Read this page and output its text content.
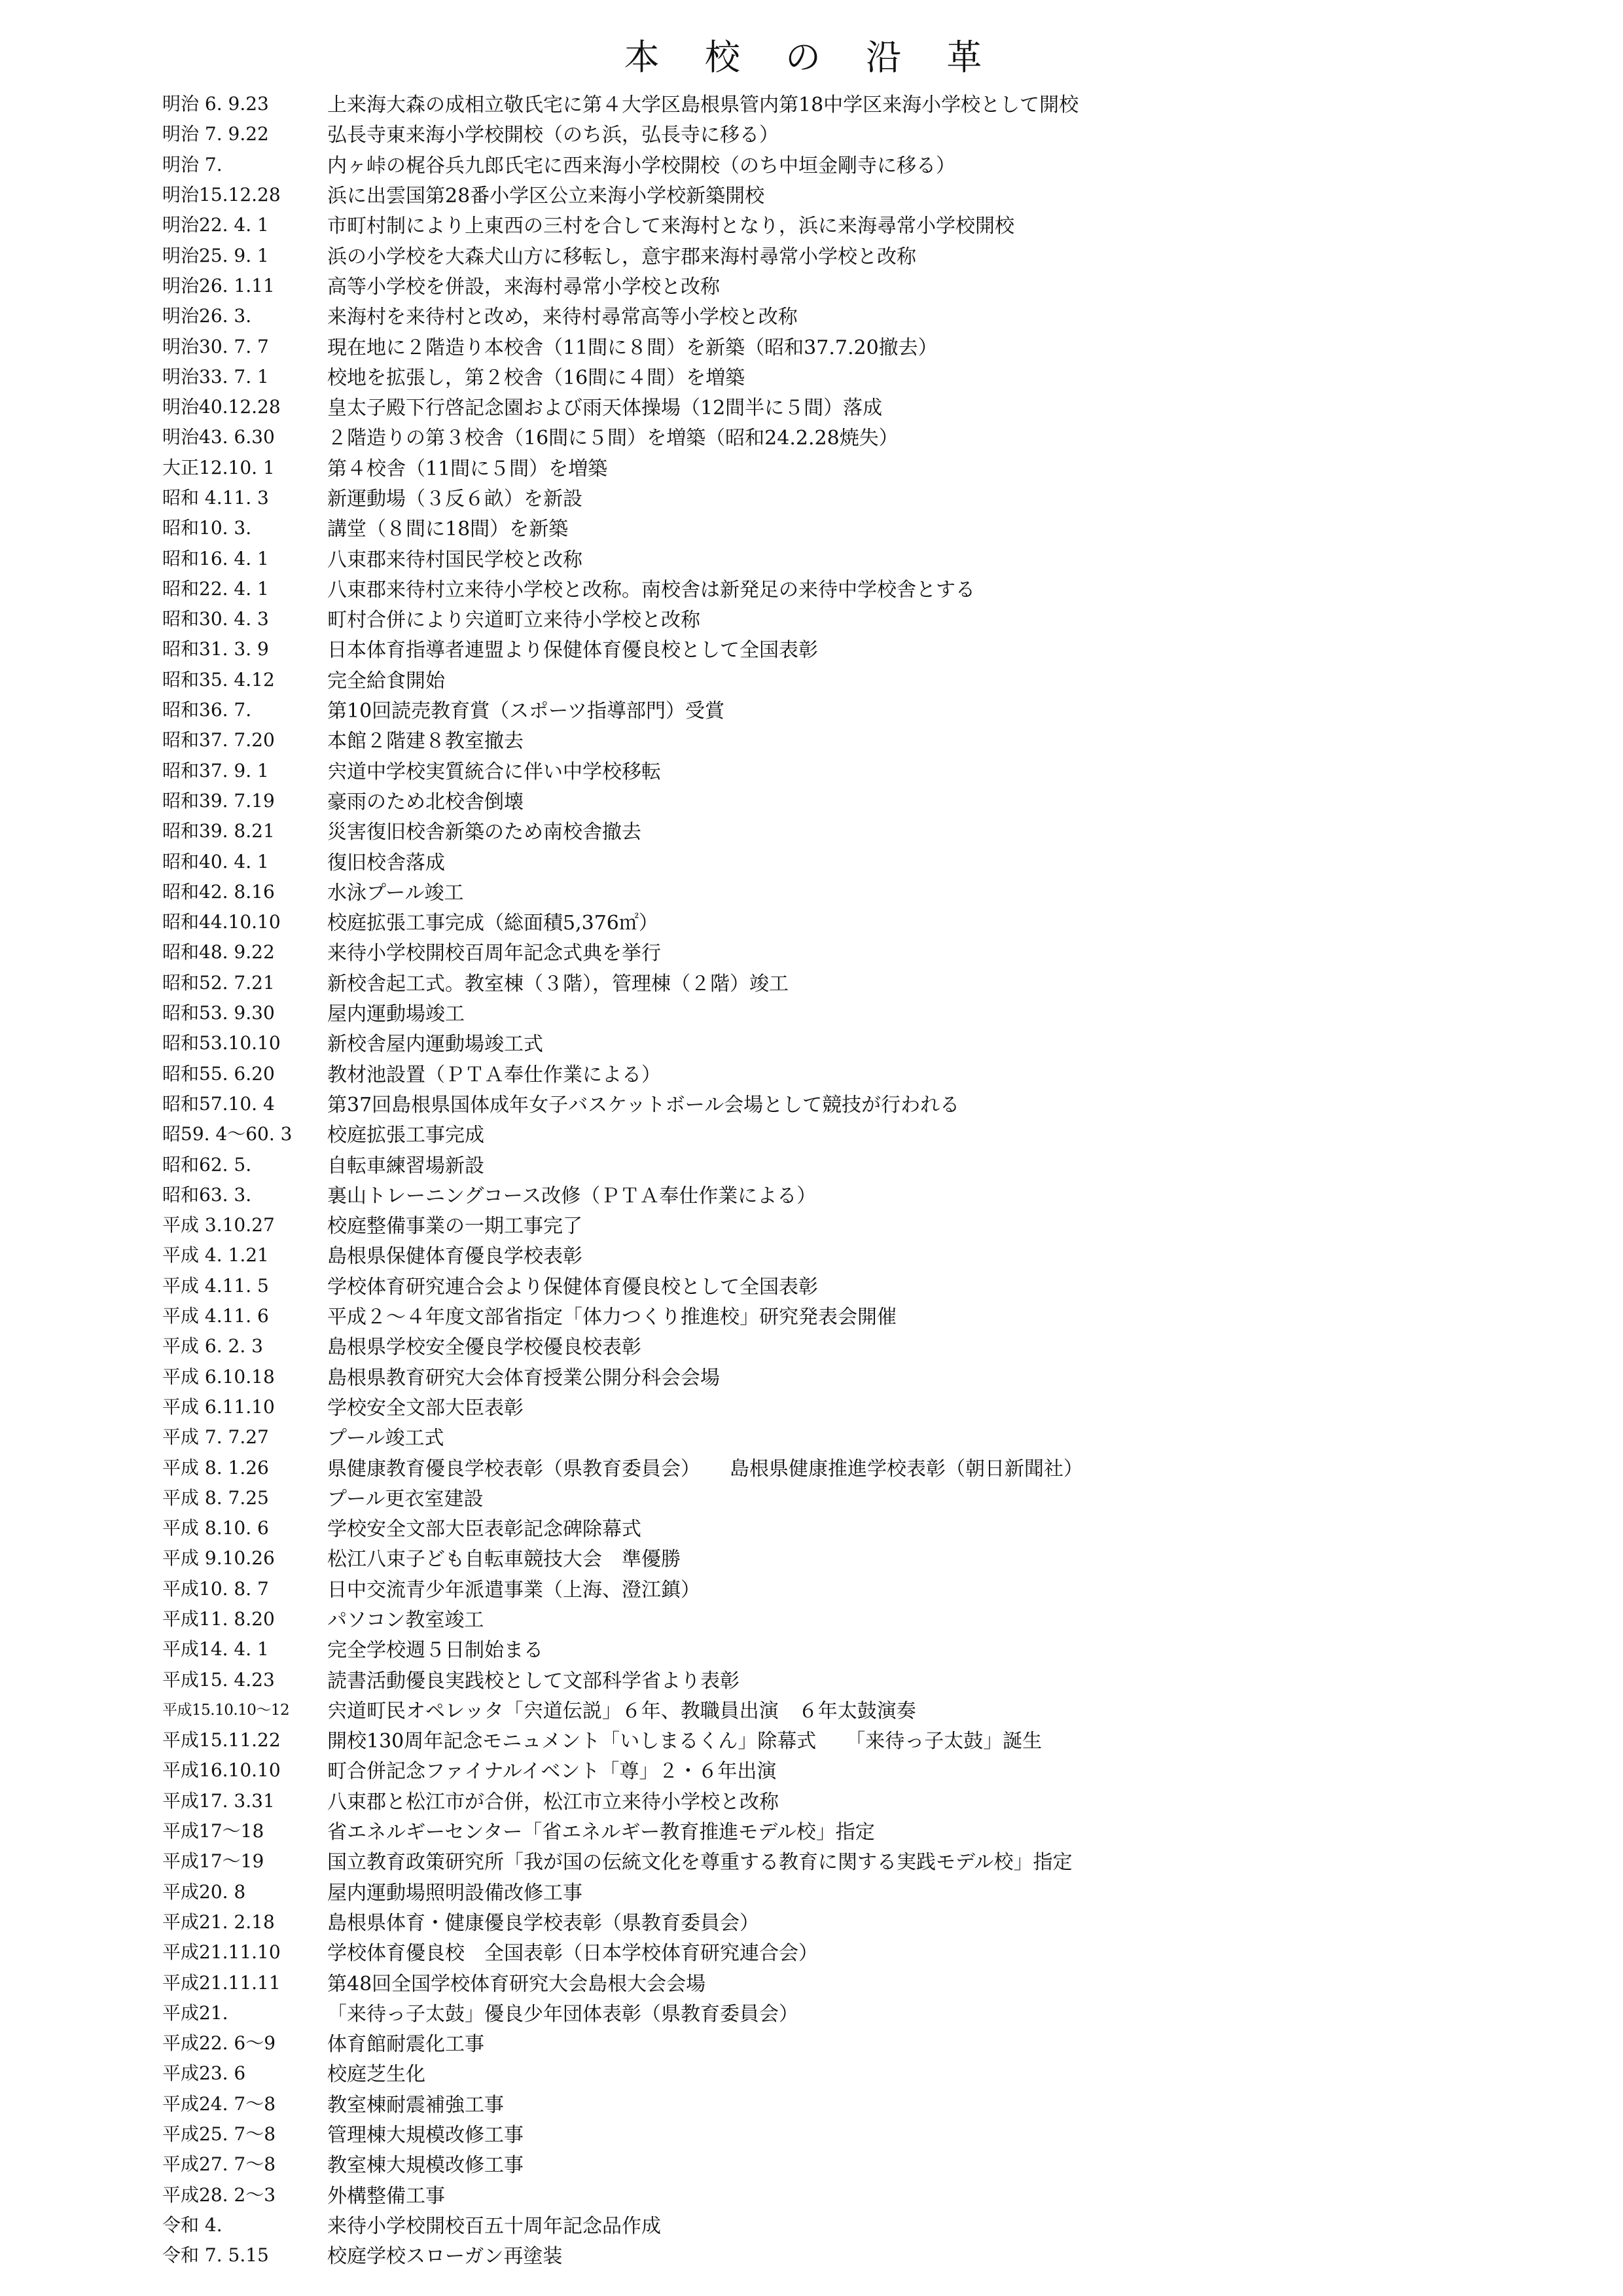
本 校 の 沿 革
明治 6. 9.23	上来海大森の成相立敬氏宅に第４大学区島根県管内第18中学区来海小学校として開校
明治 7. 9.22	弘長寺東来海小学校開校（のち浜，弘長寺に移る）
明治 7.	内ヶ峠の梶谷兵九郎氏宅に西来海小学校開校（のち中垣金剛寺に移る）
明治15.12.28	浜に出雲国第28番小学区公立来海小学校新築開校
明治22. 4. 1	市町村制により上東西の三村を合して来海村となり，浜に来海尋常小学校開校
明治25. 9. 1	浜の小学校を大森犬山方に移転し，意宇郡来海村尋常小学校と改称
明治26. 1.11	高等小学校を併設，来海村尋常小学校と改称
明治26. 3.	来海村を来待村と改め，来待村尋常高等小学校と改称
明治30. 7. 7	現在地に２階造り本校舎（11間に８間）を新築（昭和37.7.20撤去）
明治33. 7. 1	校地を拡張し，第２校舎（16間に４間）を増築
明治40.12.28	皇太子殿下行啓記念園および雨天体操場（12間半に５間）落成
明治43. 6.30	２階造りの第３校舎（16間に５間）を増築（昭和24.2.28焼失）
大正12.10. 1	第４校舎（11間に５間）を増築
昭和 4.11. 3	新運動場（３反６畝）を新設
昭和10. 3.	講堂（８間に18間）を新築
昭和16. 4. 1	八束郡来待村国民学校と改称
昭和22. 4. 1	八束郡来待村立来待小学校と改称。南校舎は新発足の来待中学校舎とする
昭和30. 4. 3	町村合併により宍道町立来待小学校と改称
昭和31. 3. 9	日本体育指導者連盟より保健体育優良校として全国表彰
昭和35. 4.12	完全給食開始
昭和36. 7.	第10回読売教育賞（スポーツ指導部門）受賞
昭和37. 7.20	本館２階建８教室撤去
昭和37. 9. 1	宍道中学校実質統合に伴い中学校移転
昭和39. 7.19	豪雨のため北校舎倒壊
昭和39. 8.21	災害復旧校舎新築のため南校舎撤去
昭和40. 4. 1	復旧校舎落成
昭和42. 8.16	水泳プール竣工
昭和44.10.10	校庭拡張工事完成（総面積5,376㎡）
昭和48. 9.22	来待小学校開校百周年記念式典を挙行
昭和52. 7.21	新校舎起工式。教室棟（３階），管理棟（２階）竣工
昭和53. 9.30	屋内運動場竣工
昭和53.10.10	新校舎屋内運動場竣工式
昭和55. 6.20	教材池設置（ＰＴＡ奉仕作業による）
昭和57.10. 4	第37回島根県国体成年女子バスケットボール会場として競技が行われる
昭59. 4〜60. 3	校庭拡張工事完成
昭和62. 5.	自転車練習場新設
昭和63. 3.	裏山トレーニングコース改修（ＰＴＡ奉仕作業による）
平成 3.10.27	校庭整備事業の一期工事完了
平成 4. 1.21	島根県保健体育優良学校表彰
平成 4.11. 5	学校体育研究連合会より保健体育優良校として全国表彰
平成 4.11. 6	平成２〜４年度文部省指定「体力つくり推進校」研究発表会開催
平成 6. 2. 3	島根県学校安全優良学校優良校表彰
平成 6.10.18	島根県教育研究大会体育授業公開分科会会場
平成 6.11.10	学校安全文部大臣表彰
平成 7. 7.27	プール竣工式
平成 8. 1.26	県健康教育優良学校表彰（県教育委員会）　　島根県健康推進学校表彰（朝日新聞社）
平成 8. 7.25	プール更衣室建設
平成 8.10. 6	学校安全文部大臣表彰記念碑除幕式
平成 9.10.26	松江八束子ども自転車競技大会　準優勝
平成10. 8. 7	日中交流青少年派遣事業（上海、澄江鎮）
平成11. 8.20	パソコン教室竣工
平成14. 4. 1	完全学校週５日制始まる
平成15. 4.23	読書活動優良実践校として文部科学省より表彰
平成15.10.10〜12	宍道町民オペレッタ「宍道伝説」６年、教職員出演　６年太鼓演奏
平成15.11.22	開校130周年記念モニュメント「いしまるくん」除幕式　　「来待っ子太鼓」誕生
平成16.10.10	町合併記念ファイナルイベント「尊」２・６年出演
平成17. 3.31	八束郡と松江市が合併，松江市立来待小学校と改称
平成17〜18	省エネルギーセンター「省エネルギー教育推進モデル校」指定
平成17〜19	国立教育政策研究所「我が国の伝統文化を尊重する教育に関する実践モデル校」指定
平成20. 8	屋内運動場照明設備改修工事
平成21. 2.18	島根県体育・健康優良学校表彰（県教育委員会）
平成21.11.10	学校体育優良校　全国表彰（日本学校体育研究連合会）
平成21.11.11	第48回全国学校体育研究大会島根大会会場
平成21.	「来待っ子太鼓」優良少年団体表彰（県教育委員会）
平成22. 6〜9	体育館耐震化工事
平成23. 6	校庭芝生化
平成24. 7〜8	教室棟耐震補強工事
平成25. 7〜8	管理棟大規模改修工事
平成27. 7〜8	教室棟大規模改修工事
平成28. 2〜3	外構整備工事
令和 4.	来待小学校開校百五十周年記念品作成
令和 7. 5.15	校庭学校スローガン再塗装
